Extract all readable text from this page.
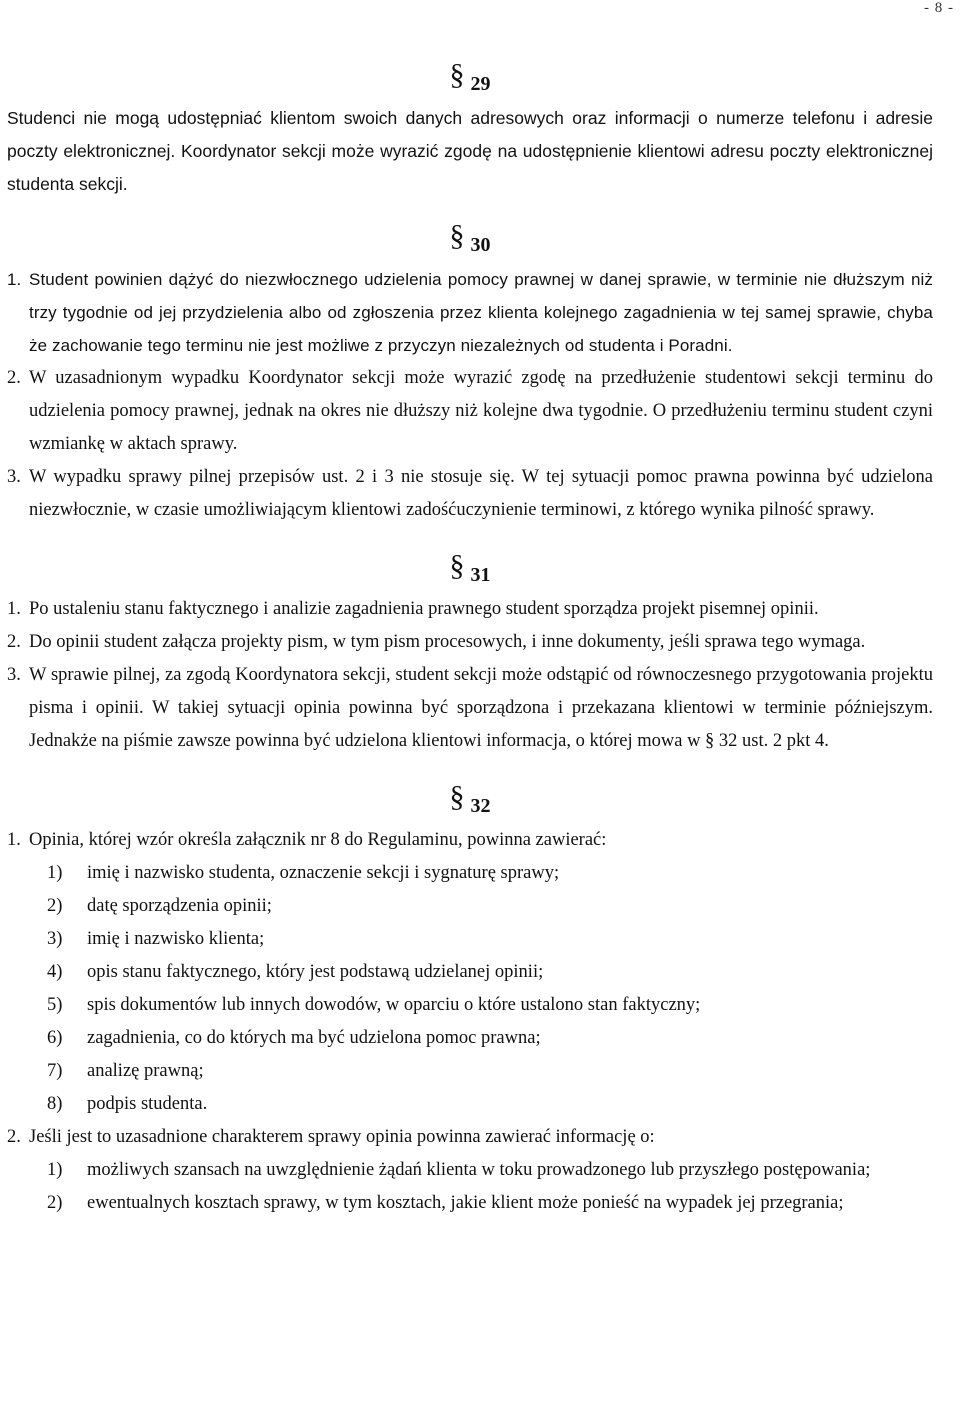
- 8 -
§ 29

Studenci nie mogą udostępniać klientom swoich danych adresowych oraz informacji o numerze telefonu i adresie poczty elektronicznej. Koordynator sekcji może wyrazić zgodę na udostępnienie klientowi adresu poczty elektronicznej studenta sekcji.

§ 30
1. Student powinien dążyć do niezwłocznego udzielenia pomocy prawnej w danej sprawie, w terminie nie dłuższym niż trzy tygodnie od jej przydzielenia albo od zgłoszenia przez klienta kolejnego zagadnienia w tej samej sprawie, chyba że zachowanie tego terminu nie jest możliwe z przyczyn niezależnych od studenta i Poradni.
2. W uzasadnionym wypadku Koordynator sekcji może wyrazić zgodę na przedłużenie studentowi sekcji terminu do udzielenia pomocy prawnej, jednak na okres nie dłuższy niż kolejne dwa tygodnie. O przedłużeniu terminu student czyni wzmiankę w aktach sprawy.
3. W wypadku sprawy pilnej przepisów ust. 2 i 3 nie stosuje się. W tej sytuacji pomoc prawna powinna być udzielona niezwłocznie, w czasie umożliwiającym klientowi zadośćuczynienie terminowi, z którego wynika pilność sprawy.
§ 31
1. Po ustaleniu stanu faktycznego i analizie zagadnienia prawnego student sporządza projekt pisemnej opinii.
2. Do opinii student załącza projekty pism, w tym pism procesowych, i inne dokumenty, jeśli sprawa tego wymaga.
3. W sprawie pilnej, za zgodą Koordynatora sekcji, student sekcji może odstąpić od równoczesnego przygotowania projektu pisma i opinii. W takiej sytuacji opinia powinna być sporządzona i przekazana klientowi w terminie późniejszym. Jednakże na piśmie zawsze powinna być udzielona klientowi informacja, o której mowa w § 32 ust. 2 pkt 4.
§ 32
1. Opinia, której wzór określa załącznik nr 8 do Regulaminu, powinna zawierać:
1)	imię i nazwisko studenta, oznaczenie sekcji i sygnaturę sprawy;
2)	datę sporządzenia opinii;
3)	imię i nazwisko klienta;
4)	opis stanu faktycznego, który jest podstawą udzielanej opinii;
5)	spis dokumentów lub innych dowodów, w oparciu o które ustalono stan faktyczny;
6)	zagadnienia, co do których ma być udzielona pomoc prawna;
7)	analizę prawną;
8)	podpis studenta.
2. Jeśli jest to uzasadnione charakterem sprawy opinia powinna zawierać informację o:
1)	możliwych szansach na uwzględnienie żądań klienta w toku prowadzonego lub przyszłego postępowania;
2)	ewentualnych kosztach sprawy, w tym kosztach, jakie klient może ponieść na wypadek jej przegrania;
